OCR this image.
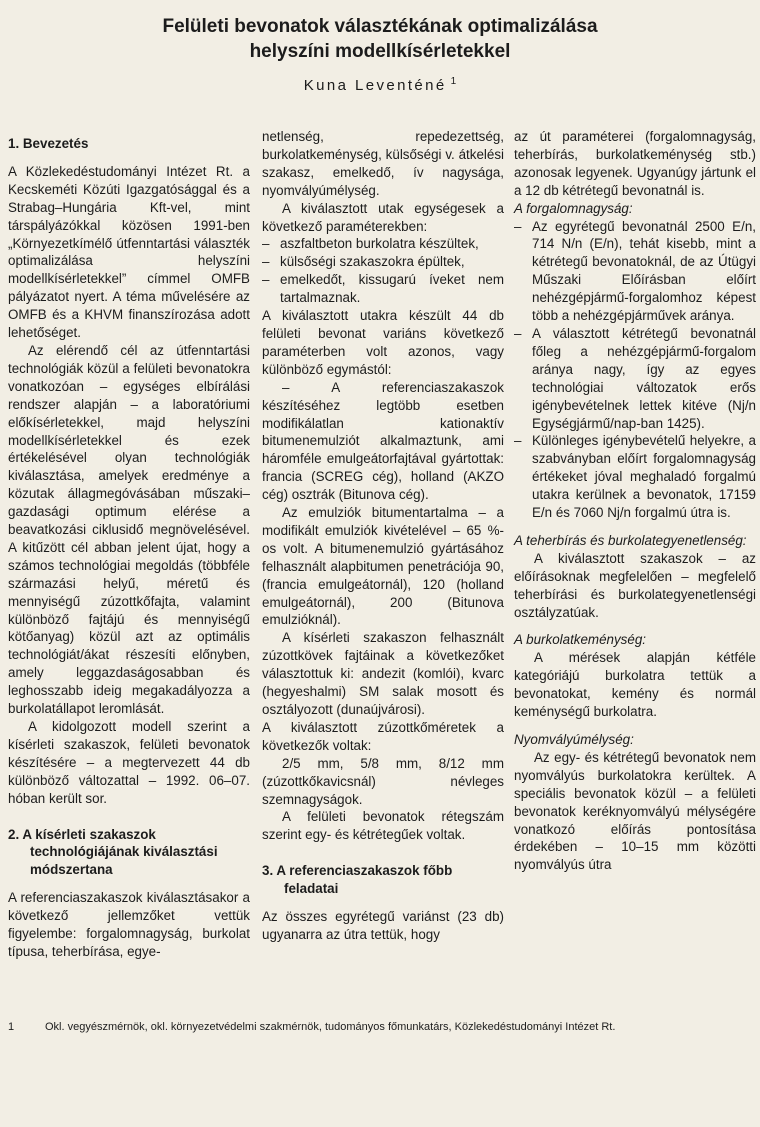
Felületi bevonatok választékának optimalizálása
helyszíni modellkísérletekkel
Kuna Leventéné $^1$
1. Bevezetés

A Közlekedéstudományi Intézet Rt. a Kecskeméti Közúti Igazgatósággal és a Strabag–Hungária Kft-vel, mint társpályázókkal közösen 1991-ben „Környezetkímélő útfenntartási választék optimalizálása helyszíni modellkísérletekkel” címmel OMFB pályázatot nyert. A téma művelésére az OMFB és a KHVM finanszírozása adott lehetőséget.

Az elérendő cél az útfenntartási technológiák közül a felületi bevonatokra vonatkozóan – egységes elbírálási rendszer alapján – a laboratóriumi előkísérletekkel, majd helyszíni modellkísérletekkel és ezek értékelésével olyan technológiák kiválasztása, amelyek eredménye a közutak állagmegóvásában műszaki–gazdasági optimum elérése a beavatkozási ciklusidő megnövelésével. A kitűzött cél abban jelent újat, hogy a számos technológiai megoldás (többféle származási helyű, méretű és mennyiségű zúzottkőfajta, valamint különböző fajtájú és mennyiségű kötőanyag) közül azt az optimális technológiát/ákat részesíti előnyben, amely leggazdaságosabban és leghosszabb ideig megakadályozza a burkolatállapot leromlását.

A kidolgozott modell szerint a kísérleti szakaszok, felületi bevonatok készítésére – a megtervezett 44 db különböző változattal – 1992. 06–07. hóban került sor.

2. A kísérleti szakaszok technológiájának kiválasztási módszertana

A referenciaszakaszok kiválasztásakor a következő jellemzőket vettük figyelembe: forgalomnagyság, burkolat típusa, teherbírása, egye-

netlenség, repedezettség, burkolatkeménység, külsőségi v. átkelési szakasz, emelkedő, ív nagysága, nyomvályúmélység.

A kiválasztott utak egységesek a következő paraméterekben:

– aszfaltbeton burkolatra készültek,
– külsőségi szakaszokra épültek,
– emelkedőt, kissugarú íveket nem tartalmaznak.

A kiválasztott utakra készült 44 db felületi bevonat variáns következő paraméterben volt azonos, vagy különböző egymástól:

– A referenciaszakaszok készítéséhez legtöbb esetben modifikálatlan kationaktív bitumenemulziót alkalmaztunk, ami háromféle emulgeátorfajtával gyártottak: francia (SCREG cég), holland (AKZO cég) osztrák (Bitunova cég).

Az emulziók bitumentartalma – a modifikált emulziók kivételével – 65 %-os volt. A bitumenemulzió gyártásához felhasznált alapbitumen penetrációja 90, (francia emulgeátornál), 120 (holland emulgeátornál), 200 (Bitunova emulzióknál).

A kísérleti szakaszon felhasznált zúzottkövek fajtáinak a következőket választottuk ki: andezit (komlói), kvarc (hegyeshalmi) SM salak mosott és osztályozott (dunaújvárosi).

A kiválasztott zúzottkőméretek a következők voltak:

2/5 mm, 5/8 mm, 8/12 mm (zúzottkőkavicsnál) névleges szemnagyságok.

A felületi bevonatok rétegszám szerint egy- és kétrétegűek voltak.

3. A referenciaszakaszok főbb feladatai

Az összes egyrétegű variánst (23 db) ugyanarra az útra tettük, hogy

az út paraméterei (forgalomnagyság, teherbírás, burkolatkeménység stb.) azonosak legyenek. Ugyanúgy jártunk el a 12 db kétrétegű bevonatnál is.

A forgalomnagyság:
– Az egyrétegű bevonatnál 2500 E/n, 714 N/n (E/n), tehát kisebb, mint a kétrétegű bevonatoknál, de az Útügyi Műszaki Előírásban előírt nehézgépjármű-forgalomhoz képest több a nehézgépjárművek aránya.
– A választott kétrétegű bevonatnál főleg a nehézgépjármű-forgalom aránya nagy, így az egyes technológiai változatok erős igénybevételnek lettek kitéve (Nj/n Egységjármű/nap-ban 1425).
– Különleges igénybevételű helyekre, a szabványban előírt forgalomnagyság értékeket jóval meghaladó forgalmú utakra kerülnek a bevonatok, 17159 E/n és 7060 Nj/n forgalmú útra is.
A teherbírás és burkolategyenetlenség:

A kiválasztott szakaszok – az előírásoknak megfelelően – megfelelő teherbírási és burkolategyenetlenségi osztályzatúak.

A burkolatkeménység:

A mérések alapján kétféle kategóriájú burkolatra tettük a bevonatokat, kemény és normál keménységű burkolatra.

Nyomvályúmélység:

Az egy- és kétrétegű bevonatok nem nyomvályús burkolatokra kerültek. A speciális bevonatok közül – a felületi bevonatok keréknyomvályú mélységére vonatkozó előírás pontosítása érdekében – 10–15 mm közötti nyomvályús útra

1	Okl. vegyészmérnök, okl. környezetvédelmi szakmérnök, tudományos főmunkatárs, Közlekedéstudományi Intézet Rt.
